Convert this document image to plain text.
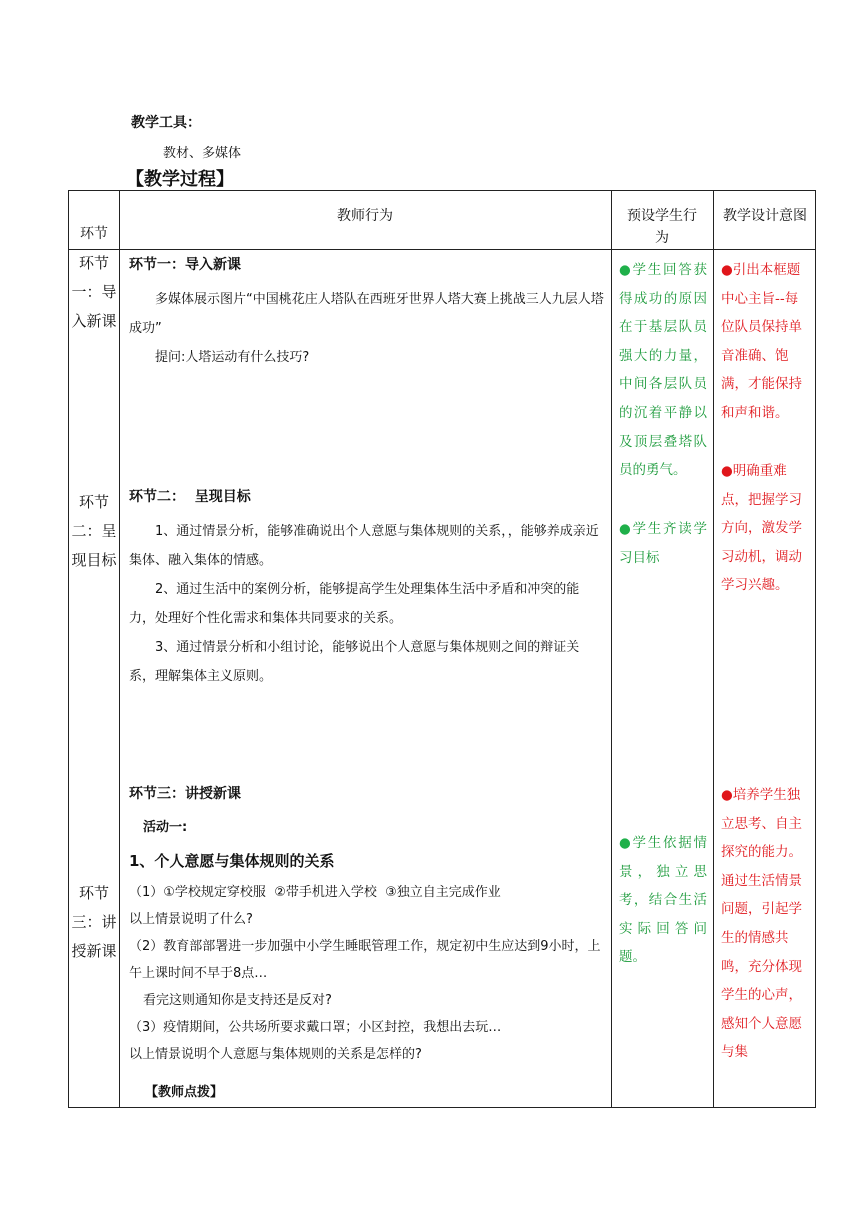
教学工具：
教材、多媒体
【教学过程】
环节
教师行为	预设学生行为
教学设计意图
环节一：导入新课
环节二：呈现目标
环节三：讲授新课
环节一：导入新课
多媒体展示图片“中国桃花庄人塔队在西班牙世界人塔大赛上挑战三人九层人塔成功”
提问:人塔运动有什么技巧?
环节二：  呈现目标
1、通过情景分析，能够准确说出个人意愿与集体规则的关系，，能够养成亲近集体、融入集体的情感。
2、通过生活中的案例分析，能够提高学生处理集体生活中矛盾和冲突的能力，处理好个性化需求和集体共同要求的关系。
3、通过情景分析和小组讨论，能够说出个人意愿与集体规则之间的辩证关系，理解集体主义原则。
环节三：讲授新课
活动一:
1、个人意愿与集体规则的关系
（1）①学校规定穿校服  ②带手机进入学校  ③独立自主完成作业
以上情景说明了什么?
（2）教育部部署进一步加强中小学生睡眠管理工作，规定初中生应达到9小时，上午上课时间不早于8点…
看完这则通知你是支持还是反对?
（3）疫情期间，公共场所要求戴口罩；小区封控，我想出去玩…
以上情景说明个人意愿与集体规则的关系是怎样的?
【教师点拨】
●学生回答获得成功的原因在于基层队员强大的力量，中间各层队员的沉着平静以及顶层叠塔队员的勇气。
●学生齐读学习目标
●学生依据情景，独立思考，结合生活实际回答问题。
●引出本框题中心主旨--每位队员保持单音准确、饱满，才能保持和声和谐。
●明确重难点，把握学习方向，激发学习动机，调动学习兴趣。
●培养学生独立思考、自主探究的能力。通过生活情景问题，引起学生的情感共鸣，充分体现学生的心声，感知个人意愿与集
